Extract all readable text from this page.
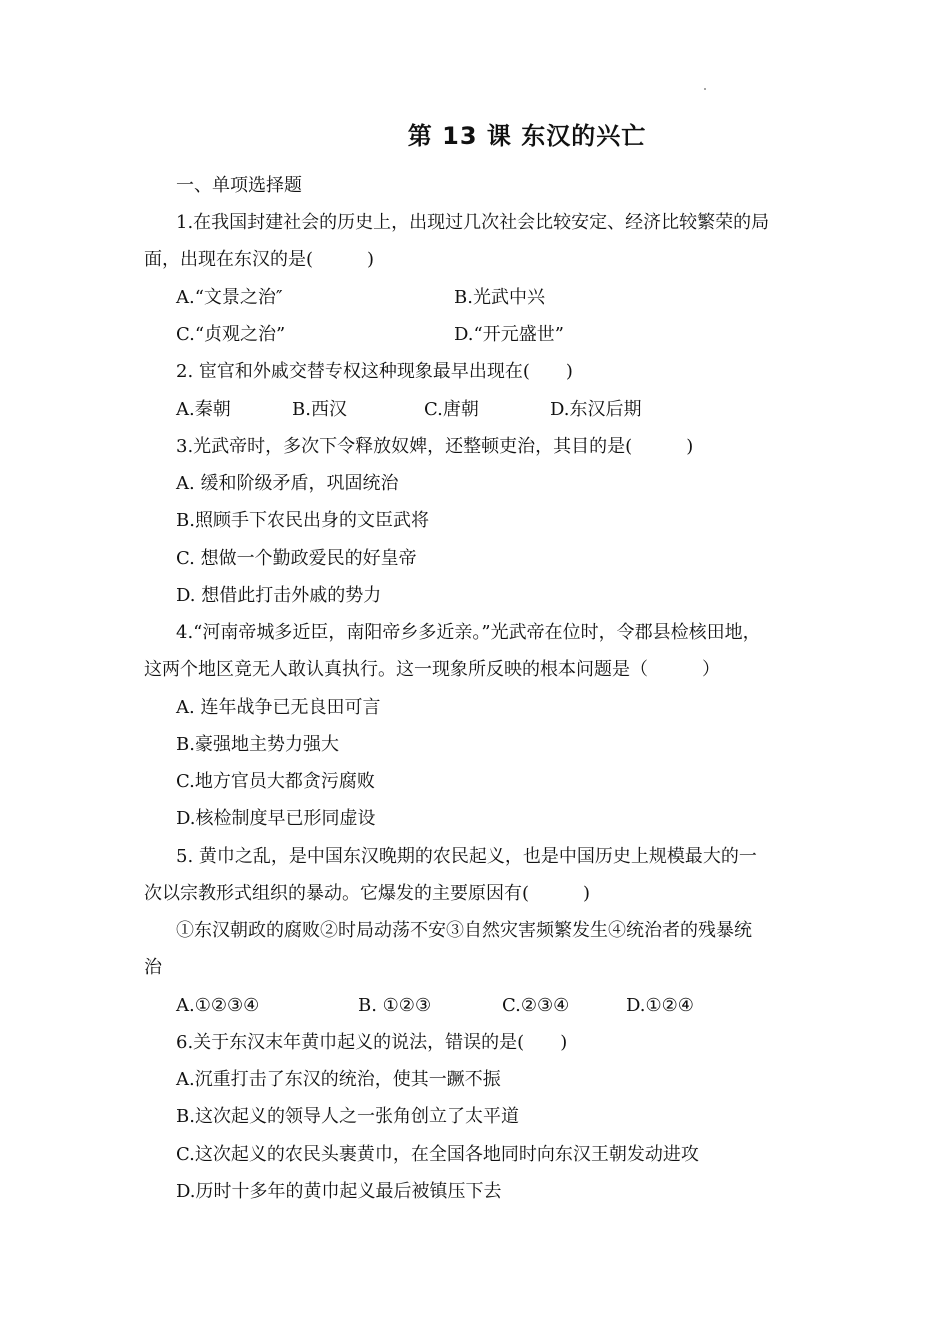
第 13 课 东汉的兴亡
一、单项选择题
1.在我国封建社会的历史上，出现过几次社会比较安定、经济比较繁荣的局
面，出现在东汉的是(　　　)
A.“文景之治″	B.光武中兴
C.“贞观之治”	D.“开元盛世”
2. 宦官和外戚交替专权这种现象最早出现在(　　)
A.秦朝	B.西汉	C.唐朝	D.东汉后期
3.光武帝时，多次下令释放奴婢，还整顿吏治，其目的是(　　　)
A. 缓和阶级矛盾，巩固统治
B.照顾手下农民出身的文臣武将
C. 想做一个勤政爱民的好皇帝
D. 想借此打击外戚的势力
4.“河南帝城多近臣，南阳帝乡多近亲。”光武帝在位时，令郡县检核田地，
这两个地区竟无人敢认真执行。这一现象所反映的根本问题是（　　　）
A. 连年战争已无良田可言
B.豪强地主势力强大
C.地方官员大都贪污腐败
D.核检制度早已形同虚设
5. 黄巾之乱，是中国东汉晚期的农民起义，也是中国历史上规模最大的一
次以宗教形式组织的暴动。它爆发的主要原因有(　　　)
①东汉朝政的腐败②时局动荡不安③自然灾害频繁发生④统治者的残暴统
治
A.①②③④	B. ①②③	C.②③④	D.①②④
6.关于东汉末年黄巾起义的说法，错误的是(　　)
A.沉重打击了东汉的统治，使其一蹶不振
B.这次起义的领导人之一张角创立了太平道
C.这次起义的农民头裹黄巾，在全国各地同时向东汉王朝发动进攻
D.历时十多年的黄巾起义最后被镇压下去
